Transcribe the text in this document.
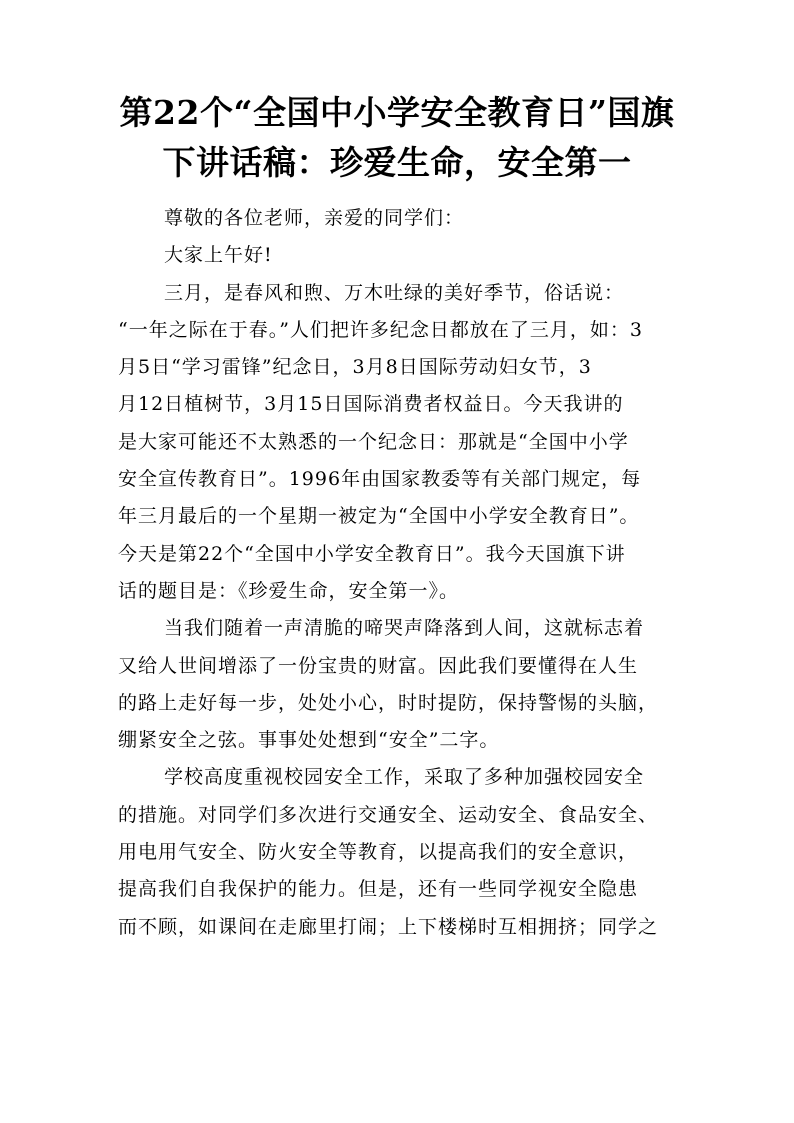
第22个“全国中小学安全教育日”国旗
下讲话稿：珍爱生命，安全第一
尊敬的各位老师，亲爱的同学们：
大家上午好!
三月，是春风和煦、万木吐绿的美好季节，俗话说：
“一年之际在于春。”人们把许多纪念日都放在了三月，如：3
月5日“学习雷锋”纪念日，3月8日国际劳动妇女节，3
月12日植树节，3月15日国际消费者权益日。今天我讲的
是大家可能还不太熟悉的一个纪念日：那就是“全国中小学
安全宣传教育日”。1996年由国家教委等有关部门规定，每
年三月最后的一个星期一被定为“全国中小学安全教育日”。
今天是第22个“全国中小学安全教育日”。我今天国旗下讲
话的题目是：《珍爱生命，安全第一》。
当我们随着一声清脆的啼哭声降落到人间，这就标志着
又给人世间增添了一份宝贵的财富。因此我们要懂得在人生
的路上走好每一步，处处小心，时时提防，保持警惕的头脑，
绷紧安全之弦。事事处处想到“安全”二字。
学校高度重视校园安全工作，采取了多种加强校园安全
的措施。对同学们多次进行交通安全、运动安全、食品安全、
用电用气安全、防火安全等教育，以提高我们的安全意识，
提高我们自我保护的能力。但是，还有一些同学视安全隐患
而不顾，如课间在走廊里打闹；上下楼梯时互相拥挤；同学之
